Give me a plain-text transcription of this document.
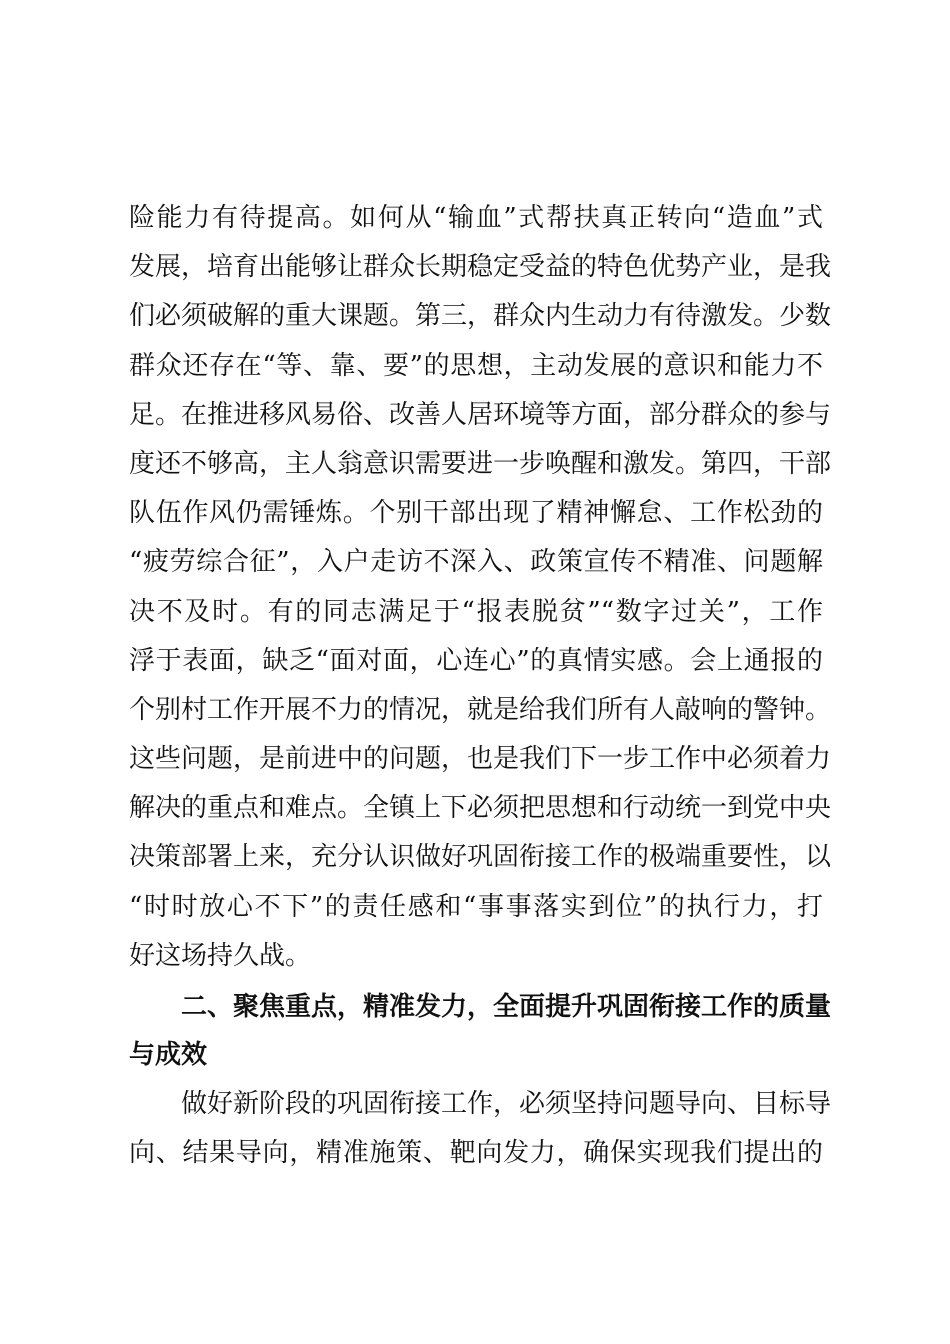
险能力有待提高。如何从“输血”式帮扶真正转向“造血”式
发展，培育出能够让群众长期稳定受益的特色优势产业，是我
们必须破解的重大课题。第三，群众内生动力有待激发。少数
群众还存在“等、靠、要”的思想，主动发展的意识和能力不
足。在推进移风易俗、改善人居环境等方面，部分群众的参与
度还不够高，主人翁意识需要进一步唤醒和激发。第四，干部
队伍作风仍需锤炼。个别干部出现了精神懈怠、工作松劲的
“疲劳综合征”，入户走访不深入、政策宣传不精准、问题解
决不及时。有的同志满足于“报表脱贫”“数字过关”，工作
浮于表面，缺乏“面对面，心连心”的真情实感。会上通报的
个别村工作开展不力的情况，就是给我们所有人敲响的警钟。
这些问题，是前进中的问题，也是我们下一步工作中必须着力
解决的重点和难点。全镇上下必须把思想和行动统一到党中央
决策部署上来，充分认识做好巩固衔接工作的极端重要性，以
“时时放心不下”的责任感和“事事落实到位”的执行力，打
好这场持久战。
二、聚焦重点，精准发力，全面提升巩固衔接工作的质量
与成效
做好新阶段的巩固衔接工作，必须坚持问题导向、目标导
向、结果导向，精准施策、靶向发力，确保实现我们提出的
